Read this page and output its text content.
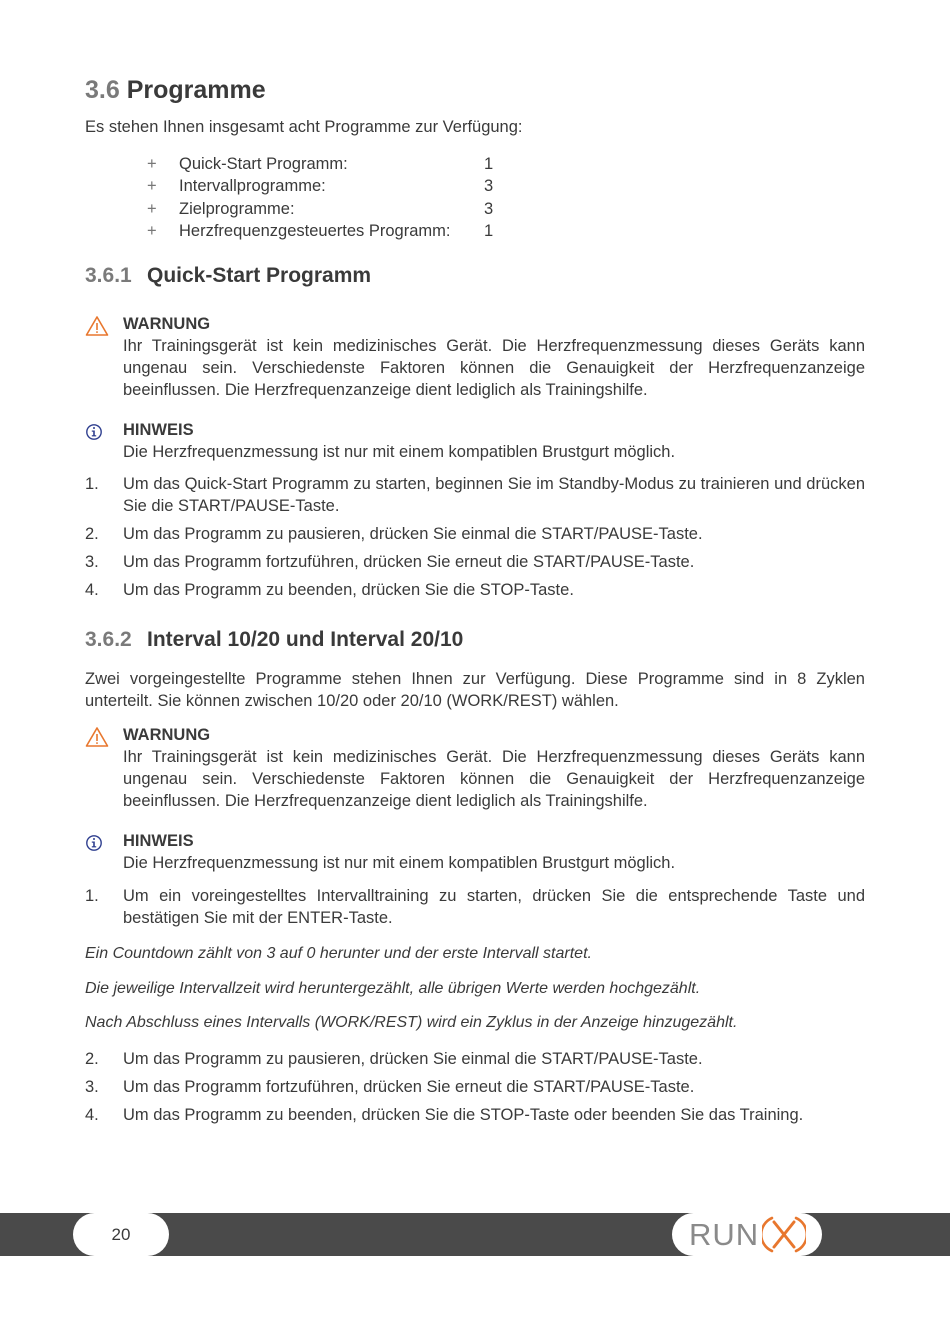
3.6 Programme
Es stehen Ihnen insgesamt acht Programme zur Verfügung:
+	Quick-Start Programm:	1
+	Intervallprogramme:	3
+	Zielprogramme:	3
+	Herzfrequenzgesteuertes Programm:	1
3.6.1 Quick-Start Programm
WARNUNG
Ihr Trainingsgerät ist kein medizinisches Gerät. Die Herzfrequenzmessung dieses Geräts kann ungenau sein. Verschiedenste Faktoren können die Genauigkeit der Herzfrequenzanzeige beeinflussen. Die Herzfrequenzanzeige dient lediglich als Trainingshilfe.
HINWEIS
Die Herzfrequenzmessung ist nur mit einem kompatiblen Brustgurt möglich.
1.	Um das Quick-Start Programm zu starten, beginnen Sie im Standby-Modus zu trainieren und drücken Sie die START/PAUSE-Taste.
2.	Um das Programm zu pausieren, drücken Sie einmal die START/PAUSE-Taste.
3.	Um das Programm fortzuführen, drücken Sie erneut die START/PAUSE-Taste.
4.	Um das Programm zu beenden, drücken Sie die STOP-Taste.
3.6.2 Interval 10/20 und Interval 20/10
Zwei vorgeingestellte Programme stehen Ihnen zur Verfügung. Diese Programme sind in 8 Zyklen unterteilt. Sie können zwischen 10/20 oder 20/10 (WORK/REST) wählen.
WARNUNG
Ihr Trainingsgerät ist kein medizinisches Gerät. Die Herzfrequenzmessung dieses Geräts kann ungenau sein. Verschiedenste Faktoren können die Genauigkeit der Herzfrequenzanzeige beeinflussen. Die Herzfrequenzanzeige dient lediglich als Trainingshilfe.
HINWEIS
Die Herzfrequenzmessung ist nur mit einem kompatiblen Brustgurt möglich.
1.	Um ein voreingestelltes Intervalltraining zu starten, drücken Sie die entsprechende Taste und bestätigen Sie mit der ENTER-Taste.
Ein Countdown zählt von 3 auf 0 herunter und der erste Intervall startet.
Die jeweilige Intervallzeit wird heruntergezählt, alle übrigen Werte werden hochgezählt.
Nach Abschluss eines Intervalls (WORK/REST) wird ein Zyklus in der Anzeige hinzugezählt.
2.	Um das Programm zu pausieren, drücken Sie einmal die START/PAUSE-Taste.
3.	Um das Programm fortzuführen, drücken Sie erneut die START/PAUSE-Taste.
4.	Um das Programm zu beenden, drücken Sie die STOP-Taste oder beenden Sie das Training.
20	RUN
